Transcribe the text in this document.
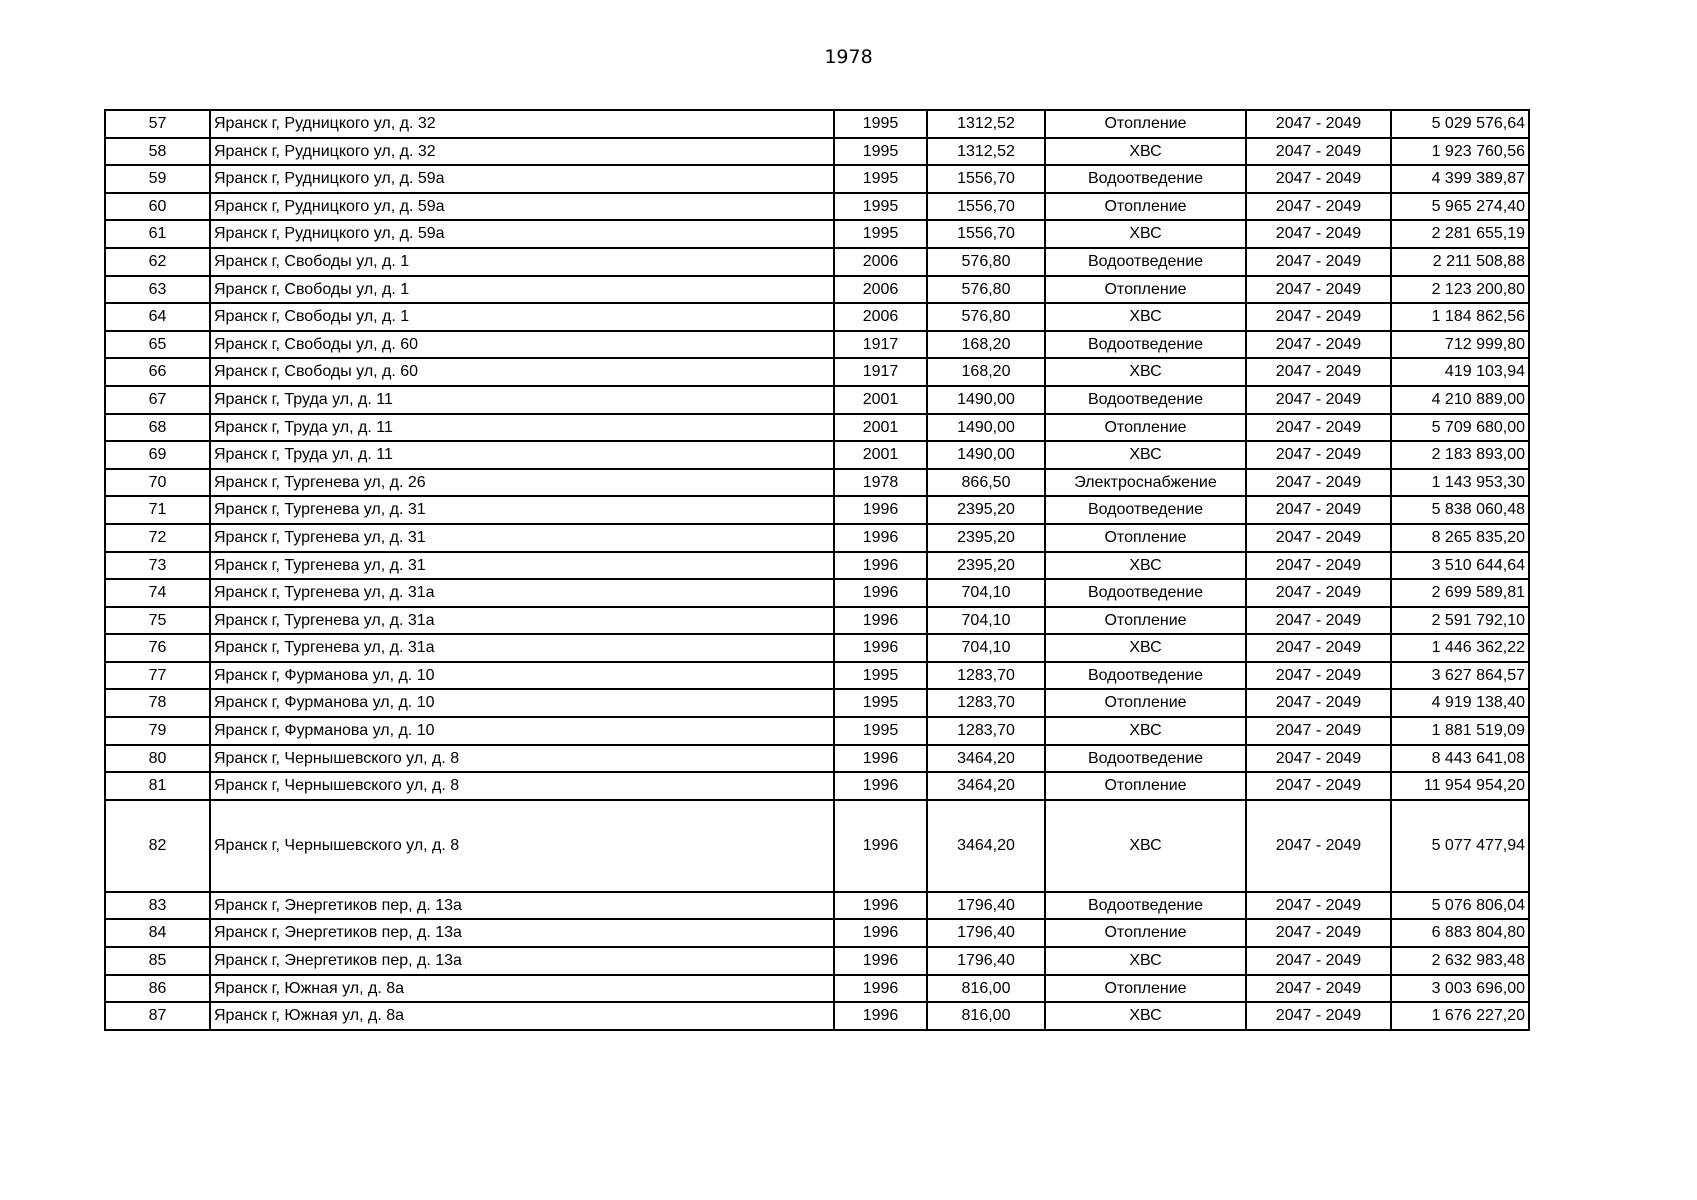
1978
57	Яранск г, Рудницкого ул, д. 32	1995	1312,52	Отопление	2047 - 2049	5 029 576,64
58	Яранск г, Рудницкого ул, д. 32	1995	1312,52	ХВС	2047 - 2049	1 923 760,56
59	Яранск г, Рудницкого ул, д. 59а	1995	1556,70	Водоотведение	2047 - 2049	4 399 389,87
60	Яранск г, Рудницкого ул, д. 59а	1995	1556,70	Отопление	2047 - 2049	5 965 274,40
61	Яранск г, Рудницкого ул, д. 59а	1995	1556,70	ХВС	2047 - 2049	2 281 655,19
62	Яранск г, Свободы ул, д. 1	2006	576,80	Водоотведение	2047 - 2049	2 211 508,88
63	Яранск г, Свободы ул, д. 1	2006	576,80	Отопление	2047 - 2049	2 123 200,80
64	Яранск г, Свободы ул, д. 1	2006	576,80	ХВС	2047 - 2049	1 184 862,56
65	Яранск г, Свободы ул, д. 60	1917	168,20	Водоотведение	2047 - 2049	712 999,80
66	Яранск г, Свободы ул, д. 60	1917	168,20	ХВС	2047 - 2049	419 103,94
67	Яранск г, Труда ул, д. 11	2001	1490,00	Водоотведение	2047 - 2049	4 210 889,00
68	Яранск г, Труда ул, д. 11	2001	1490,00	Отопление	2047 - 2049	5 709 680,00
69	Яранск г, Труда ул, д. 11	2001	1490,00	ХВС	2047 - 2049	2 183 893,00
70	Яранск г, Тургенева ул, д. 26	1978	866,50	Электроснабжение	2047 - 2049	1 143 953,30
71	Яранск г, Тургенева ул, д. 31	1996	2395,20	Водоотведение	2047 - 2049	5 838 060,48
72	Яранск г, Тургенева ул, д. 31	1996	2395,20	Отопление	2047 - 2049	8 265 835,20
73	Яранск г, Тургенева ул, д. 31	1996	2395,20	ХВС	2047 - 2049	3 510 644,64
74	Яранск г, Тургенева ул, д. 31а	1996	704,10	Водоотведение	2047 - 2049	2 699 589,81
75	Яранск г, Тургенева ул, д. 31а	1996	704,10	Отопление	2047 - 2049	2 591 792,10
76	Яранск г, Тургенева ул, д. 31а	1996	704,10	ХВС	2047 - 2049	1 446 362,22
77	Яранск г, Фурманова ул, д. 10	1995	1283,70	Водоотведение	2047 - 2049	3 627 864,57
78	Яранск г, Фурманова ул, д. 10	1995	1283,70	Отопление	2047 - 2049	4 919 138,40
79	Яранск г, Фурманова ул, д. 10	1995	1283,70	ХВС	2047 - 2049	1 881 519,09
80	Яранск г, Чернышевского ул, д. 8	1996	3464,20	Водоотведение	2047 - 2049	8 443 641,08
81	Яранск г, Чернышевского ул, д. 8	1996	3464,20	Отопление	2047 - 2049	11 954 954,20
82	Яранск г, Чернышевского ул, д. 8	1996	3464,20	ХВС	2047 - 2049	5 077 477,94
83	Яранск г, Энергетиков пер, д. 13а	1996	1796,40	Водоотведение	2047 - 2049	5 076 806,04
84	Яранск г, Энергетиков пер, д. 13а	1996	1796,40	Отопление	2047 - 2049	6 883 804,80
85	Яранск г, Энергетиков пер, д. 13а	1996	1796,40	ХВС	2047 - 2049	2 632 983,48
86	Яранск г, Южная ул, д. 8а	1996	816,00	Отопление	2047 - 2049	3 003 696,00
87	Яранск г, Южная ул, д. 8а	1996	816,00	ХВС	2047 - 2049	1 676 227,20
